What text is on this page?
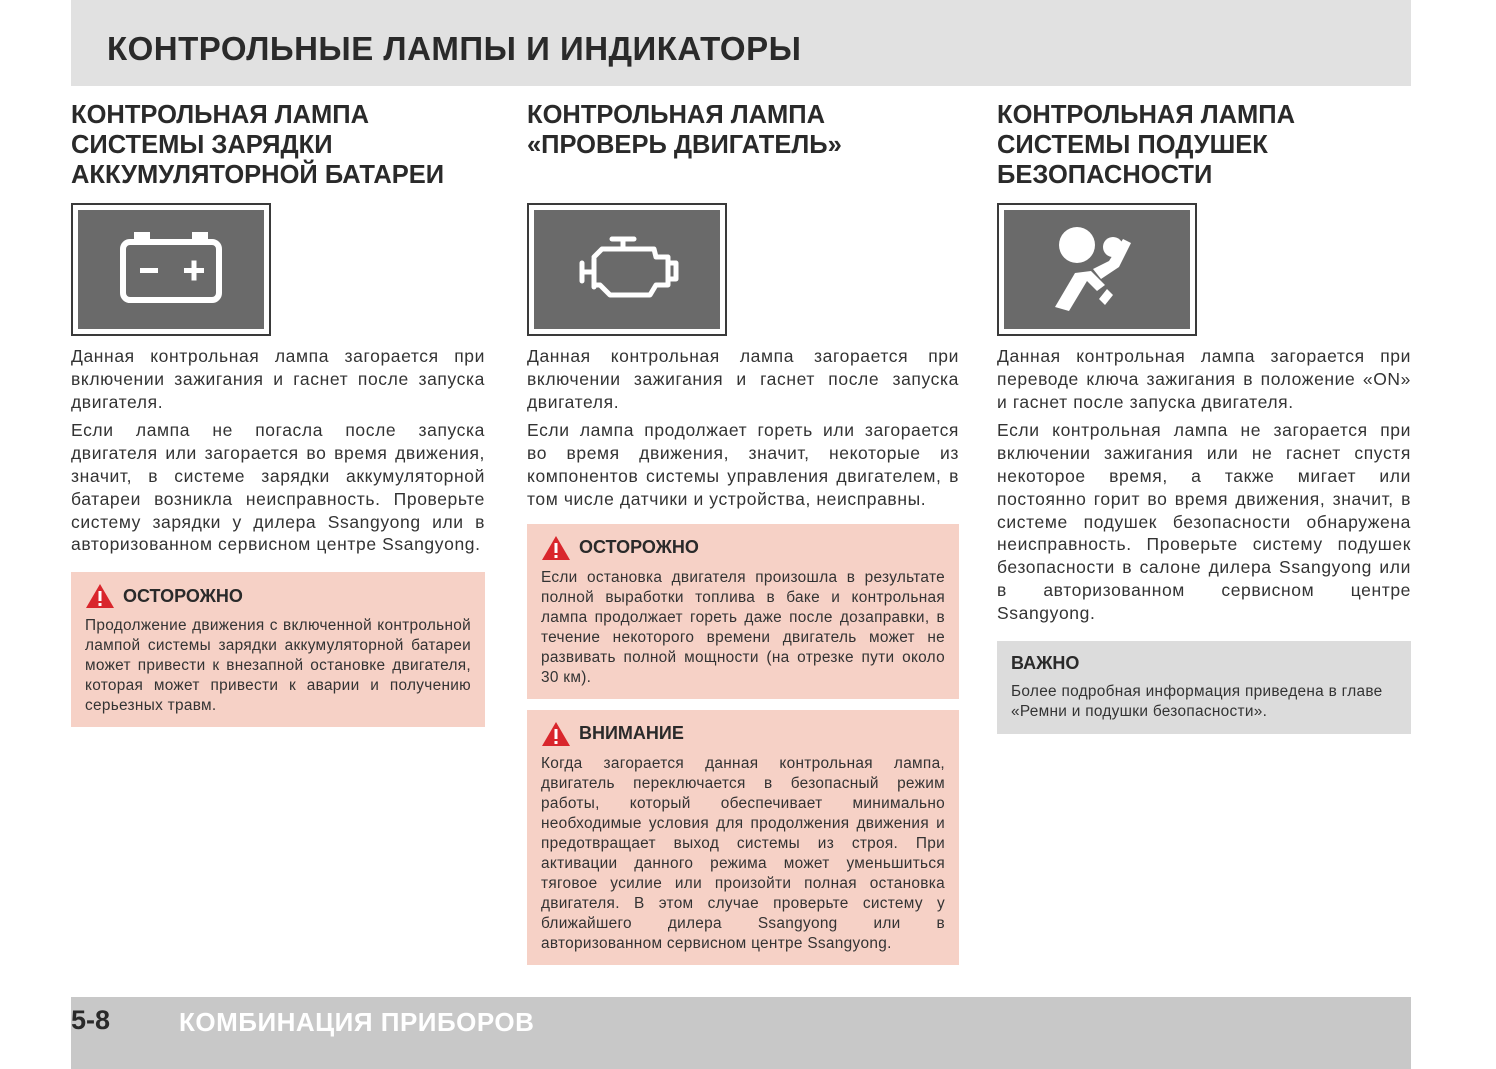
КОНТРОЛЬНЫЕ ЛАМПЫ И ИНДИКАТОРЫ
КОНТРОЛЬНАЯ ЛАМПА СИСТЕМЫ ЗАРЯДКИ АККУМУЛЯТОРНОЙ БАТАРЕИ

Данная контрольная лампа загорается при включении зажигания и гаснет после запуска двигателя.

Если лампа не погасла после запуска двигателя или загорается во время движения, значит, в системе зарядки аккумуляторной батареи возникла неисправность. Проверьте систему зарядки у дилера Ssangyong или в авторизованном сервисном центре Ssangyong.

ОСТОРОЖНО
Продолжение движения с включенной контрольной лампой системы зарядки аккумуляторной батареи может привести к внезапной остановке двигателя, которая может привести к аварии и получению серьезных травм.
КОНТРОЛЬНАЯ ЛАМПА «ПРОВЕРЬ ДВИГАТЕЛЬ»

Данная контрольная лампа загорается при включении зажигания и гаснет после запуска двигателя.

Если лампа продолжает гореть или загорается во время движения, значит, некоторые из компонентов системы управления двигателем, в том числе датчики и устройства, неисправны.

ОСТОРОЖНО
Если остановка двигателя произошла в результате полной выработки топлива в баке и контрольная лампа продолжает гореть даже после дозаправки, в течение некоторого времени двигатель может не развивать полной мощности (на отрезке пути около 30 км).
ВНИМАНИЕ
Когда загорается данная контрольная лампа, двигатель переключается в безопасный режим работы, который обеспечивает минимально необходимые условия для продолжения движения и предотвращает выход системы из строя. При активации данного режима может уменьшиться тяговое усилие или произойти полная остановка двигателя. В этом случае проверьте систему у ближайшего дилера Ssangyong или в авторизованном сервисном центре Ssangyong.
КОНТРОЛЬНАЯ ЛАМПА СИСТЕМЫ ПОДУШЕК БЕЗОПАСНОСТИ

Данная контрольная лампа загорается при переводе ключа зажигания в положение «ON» и гаснет после запуска двигателя.

Если контрольная лампа не загорается при включении зажигания или не гаснет спустя некоторое время, а также мигает или постоянно горит во время движения, значит, в системе подушек безопасности обнаружена неисправность. Проверьте систему подушек безопасности в салоне дилера Ssangyong или в авторизованном сервисном центре Ssangyong.

ВАЖНО
Более подробная информация приведена в главе «Ремни и подушки безопасности».
5-8	КОМБИНАЦИЯ ПРИБОРОВ
